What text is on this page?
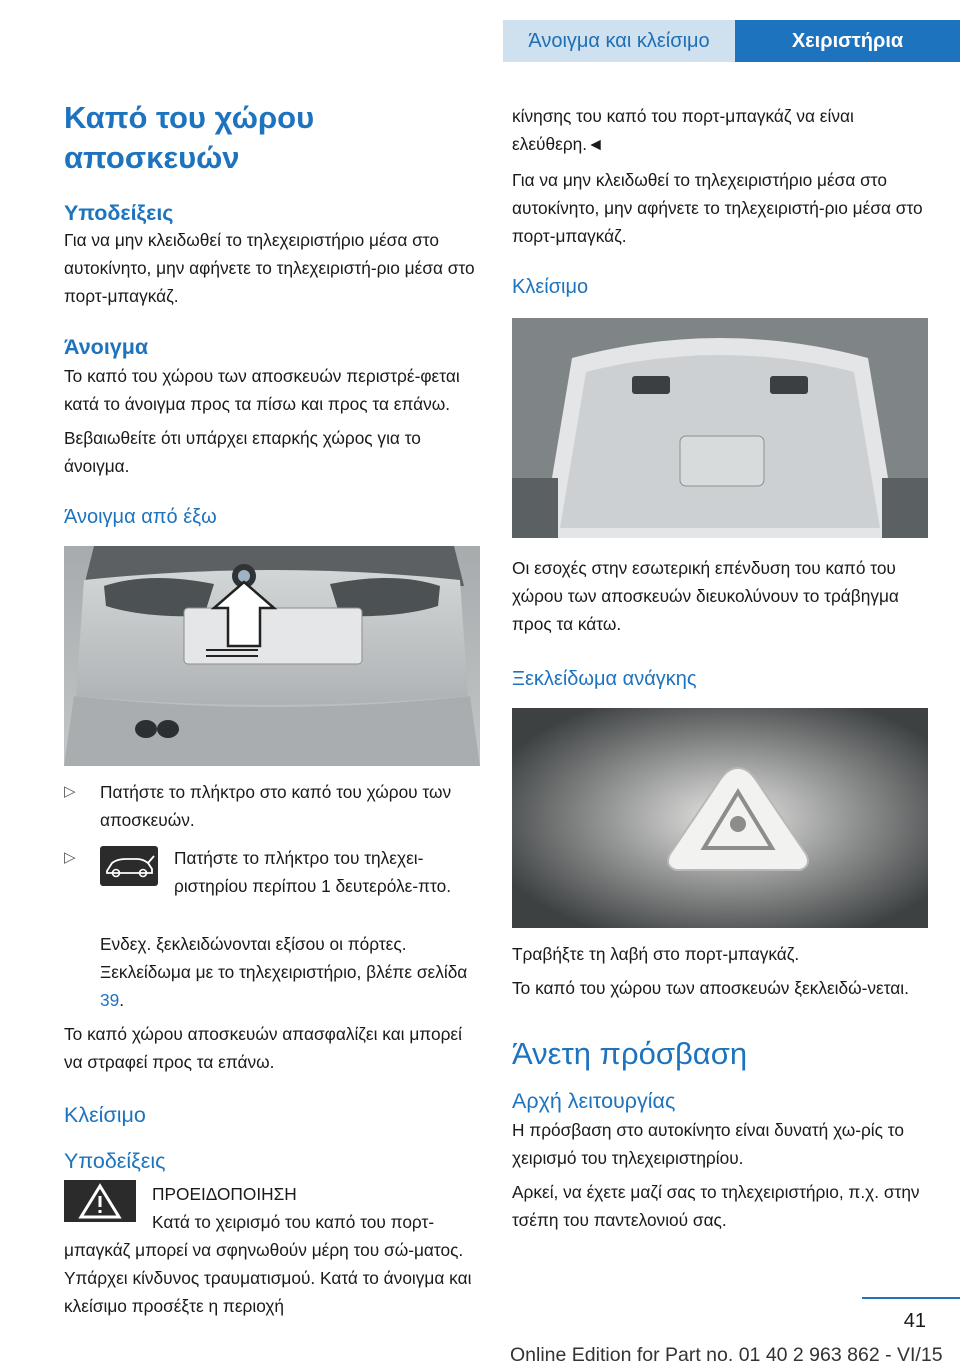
Άνοιγμα και κλείσιμο	Χειριστήρια
Καπό του χώρου αποσκευών
Υποδείξεις
Για να μην κλειδωθεί το τηλεχειριστήριο μέσα στο αυτοκίνητο, μην αφήνετε το τηλεχειριστή-ριο μέσα στο πορτ-μπαγκάζ.
Άνοιγμα
Το καπό του χώρου των αποσκευών περιστρέ-φεται κατά το άνοιγμα προς τα πίσω και προς τα επάνω.
Βεβαιωθείτε ότι υπάρχει επαρκής χώρος για το άνοιγμα.
Άνοιγμα από έξω
▷	Πατήστε το πλήκτρο στο καπό του χώρου των αποσκευών.
▷	Πατήστε το πλήκτρο του τηλεχει-ριστηρίου περίπου 1 δευτερόλε-πτο.
Ενδεχ. ξεκλειδώνονται εξίσου οι πόρτες. Ξεκλείδωμα με το τηλεχειριστήριο, βλέπε σελίδα 39.
Το καπό χώρου αποσκευών απασφαλίζει και μπορεί να στραφεί προς τα επάνω.
Κλείσιμο
Υποδείξεις
ΠΡΟΕΙΔΟΠΟΙΗΣΗ
Κατά το χειρισμό του καπό του πορτ-
μπαγκάζ μπορεί να σφηνωθούν μέρη του σώ-ματος. Υπάρχει κίνδυνος τραυματισμού. Κατά το άνοιγμα και κλείσιμο προσέξτε η περιοχή
κίνησης του καπό του πορτ-μπαγκάζ να είναι ελεύθερη.◄
Για να μην κλειδωθεί το τηλεχειριστήριο μέσα στο αυτοκίνητο, μην αφήνετε το τηλεχειριστή-ριο μέσα στο πορτ-μπαγκάζ.
Κλείσιμο
Οι εσοχές στην εσωτερική επένδυση του καπό του χώρου των αποσκευών διευκολύνουν το τράβηγμα προς τα κάτω.
Ξεκλείδωμα ανάγκης
Τραβήξτε τη λαβή στο πορτ-μπαγκάζ.
Το καπό του χώρου των αποσκευών ξεκλειδώ-νεται.
Άνετη πρόσβαση
Αρχή λειτουργίας
Η πρόσβαση στο αυτοκίνητο είναι δυνατή χω-ρίς το χειρισμό του τηλεχειριστηρίου.
Αρκεί, να έχετε μαζί σας το τηλεχειριστήριο, π.χ. στην τσέπη του παντελονιού σας.
41
Online Edition for Part no. 01 40 2 963 862 - VI/15
